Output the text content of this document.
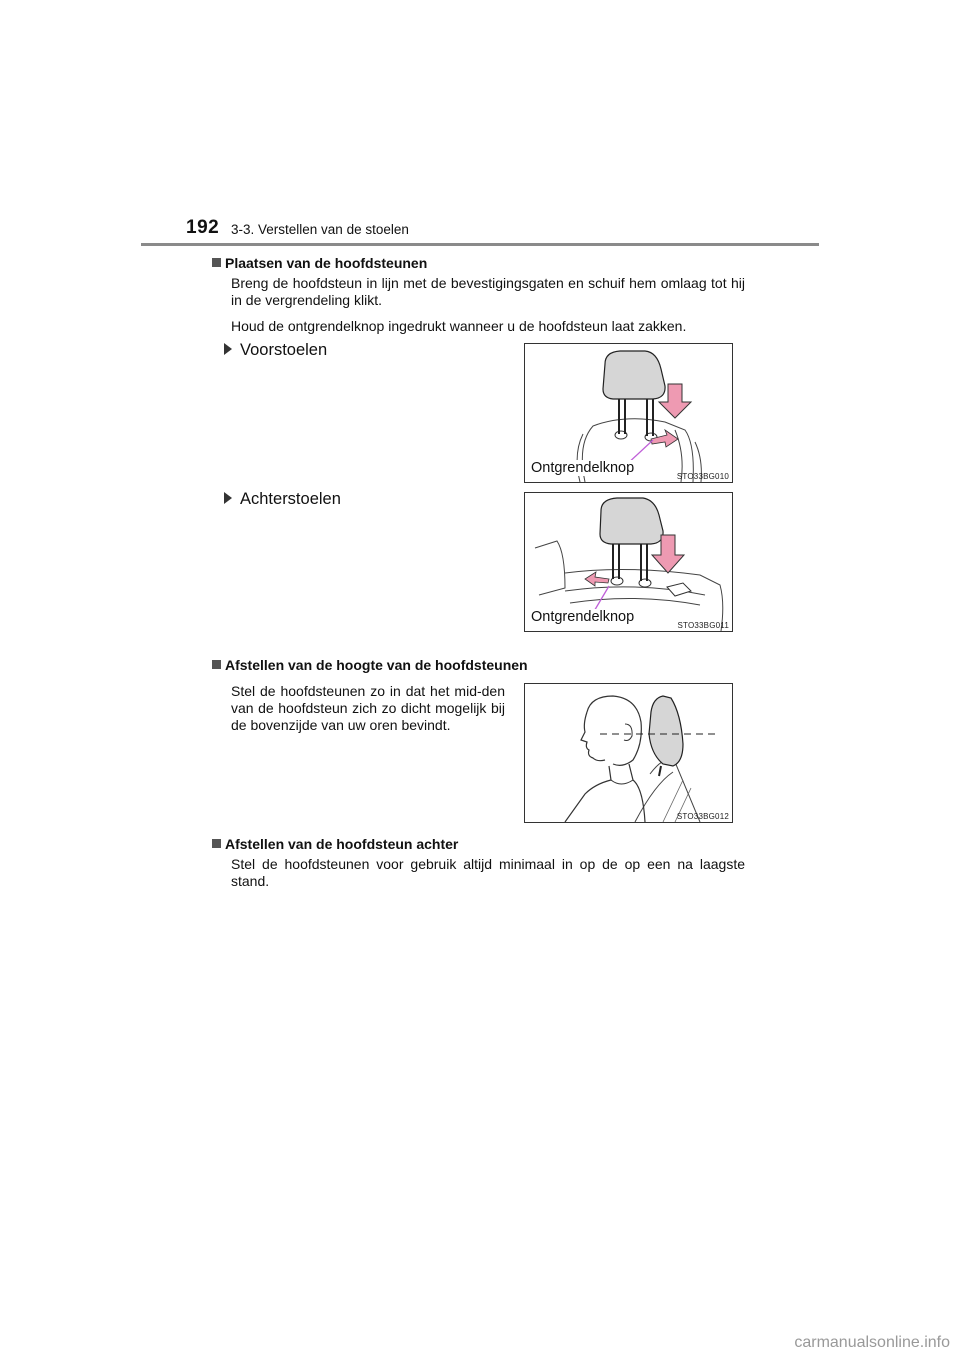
192 3-3. Verstellen van de stoelen
Plaatsen van de hoofdsteunen

Breng de hoofdsteun in lijn met de bevestigingsgaten en schuif hem omlaag tot hij in de vergrendeling klikt.

Houd de ontgrendelknop ingedrukt wanneer u de hoofdsteun laat zakken.

Voorstoelen
Ontgrendelknop
STO33BG010
Achterstoelen
Ontgrendelknop
STO33BG011
Afstellen van de hoogte van de hoofdsteunen

Stel de hoofdsteunen zo in dat het mid-den van de hoofdsteun zich zo dicht mogelijk bij de bovenzijde van uw oren bevindt.

STO33BG012
Afstellen van de hoofdsteun achter

Stel de hoofdsteunen voor gebruik altijd minimaal in op de op een na laagste stand.

carmanualsonline.info
